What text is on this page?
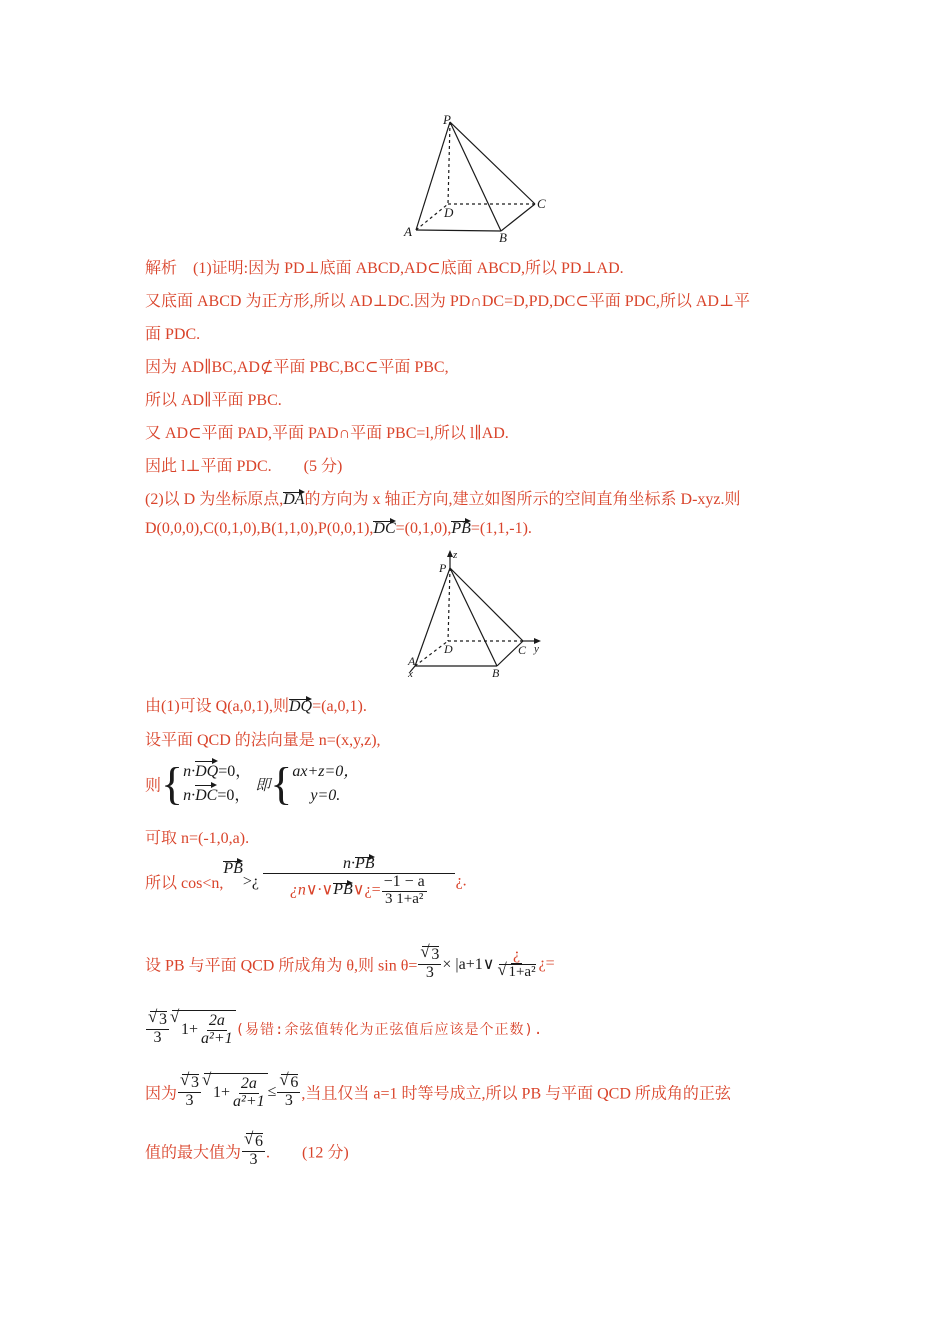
P
D
C
A	B
解析　(1)证明:因为 PD⊥底面 ABCD,AD⊂底面 ABCD,所以 PD⊥AD.
又底面 ABCD 为正方形,所以 AD⊥DC.因为 PD∩DC=D,PD,DC⊂平面 PDC,所以 AD⊥平
面 PDC.
因为 AD∥BC,AD⊄平面 PBC,BC⊂平面 PBC,
所以 AD∥平面 PBC.
又 AD⊂平面 PAD,平面 PAD∩平面 PBC=l,所以 l∥AD.
因此 l⊥平面 PDC.　　(5 分)
(2)以 D 为坐标原点,DA的方向为 x 轴正方向,建立如图所示的空间直角坐标系 D-xyz.则
D(0,0,0),C(0,1,0),B(1,1,0),P(0,0,1),DC=(0,1,0),PB=(1,1,-1).
z
P
D	C y
A
x	B
由(1)可设 Q(a,0,1),则DQ=(a,0,1).
设平面 QCD 的法向量是 n=(x,y,z),
则{ n·DQ=0，
n·DC=0，
即{ ax+z=0，
y=0.
可取 n=(-1,0,a).
所以 cos<n,PB>¿ $\frac{n\cdot PB}{¿n\vee\cdot\vee PB\vee¿= \frac{-1 - a}{\text{3 1+a²}}}$ ¿.
设 PB 与平面 QCD 所成角为 θ,则 sin θ= √ $\frac{3}{3}$ × |a+1∨ ¿
√ 1+a² ¿=
√ $\frac{3}{3}$ √ $1+ \frac{2a}{\text{a²+1}}$ (易错:余弦值转化为正弦值后应该是个正数).
因为 √ $\frac{3}{3}$ √ $1+ \frac{2a}{\text{a²+1}}$ ≤ √ $\frac{6}{3}$ ,当且仅当 a=1 时等号成立,所以 PB 与平面 QCD 所成角的正弦
值的最大值为 √ $\frac{6}{3}$ .　　(12 分)
